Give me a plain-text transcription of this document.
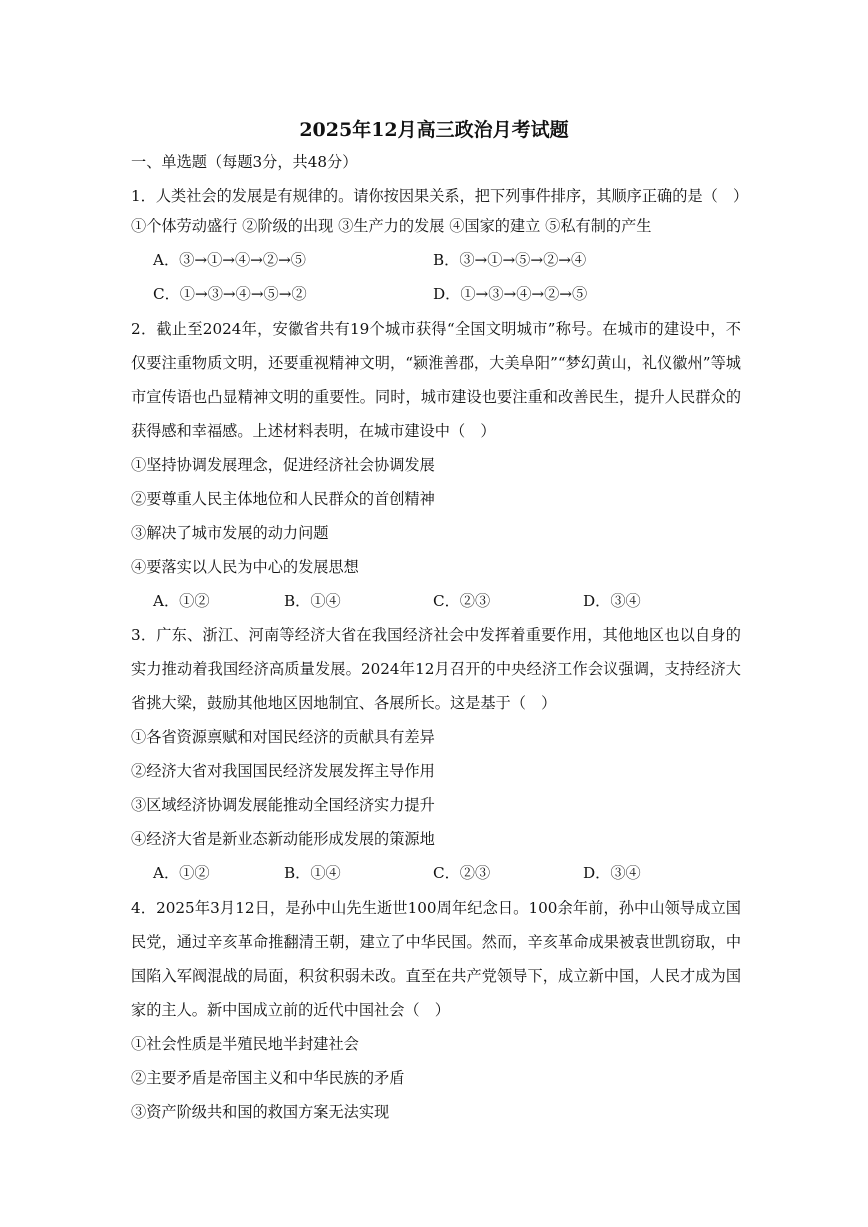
2025年12月高三政治月考试题
一、单选题（每题3分，共48分）
1．人类社会的发展是有规律的。请你按因果关系，把下列事件排序，其顺序正确的是（　）
①个体劳动盛行 ②阶级的出现 ③生产力的发展 ④国家的建立 ⑤私有制的产生
A．③→①→④→②→⑤	B．③→①→⑤→②→④
C．①→③→④→⑤→②	D．①→③→④→②→⑤
2．截止至2024年，安徽省共有19个城市获得“全国文明城市”称号。在城市的建设中，不
仅要注重物质文明，还要重视精神文明，“颍淮善郡，大美阜阳”“梦幻黄山，礼仪徽州”等城
市宣传语也凸显精神文明的重要性。同时，城市建设也要注重和改善民生，提升人民群众的
获得感和幸福感。上述材料表明，在城市建设中（　）
①坚持协调发展理念，促进经济社会协调发展
②要尊重人民主体地位和人民群众的首创精神
③解决了城市发展的动力问题
④要落实以人民为中心的发展思想
A．①②	B．①④	C．②③	D．③④
3．广东、浙江、河南等经济大省在我国经济社会中发挥着重要作用，其他地区也以自身的
实力推动着我国经济高质量发展。2024年12月召开的中央经济工作会议强调，支持经济大
省挑大梁，鼓励其他地区因地制宜、各展所长。这是基于（　）
①各省资源禀赋和对国民经济的贡献具有差异
②经济大省对我国国民经济发展发挥主导作用
③区域经济协调发展能推动全国经济实力提升
④经济大省是新业态新动能形成发展的策源地
A．①②	B．①④	C．②③	D．③④
4．2025年3月12日，是孙中山先生逝世100周年纪念日。100余年前，孙中山领导成立国
民党，通过辛亥革命推翻清王朝，建立了中华民国。然而，辛亥革命成果被袁世凯窃取，中
国陷入军阀混战的局面，积贫积弱未改。直至在共产党领导下，成立新中国，人民才成为国
家的主人。新中国成立前的近代中国社会（　）
①社会性质是半殖民地半封建社会
②主要矛盾是帝国主义和中华民族的矛盾
③资产阶级共和国的救国方案无法实现
